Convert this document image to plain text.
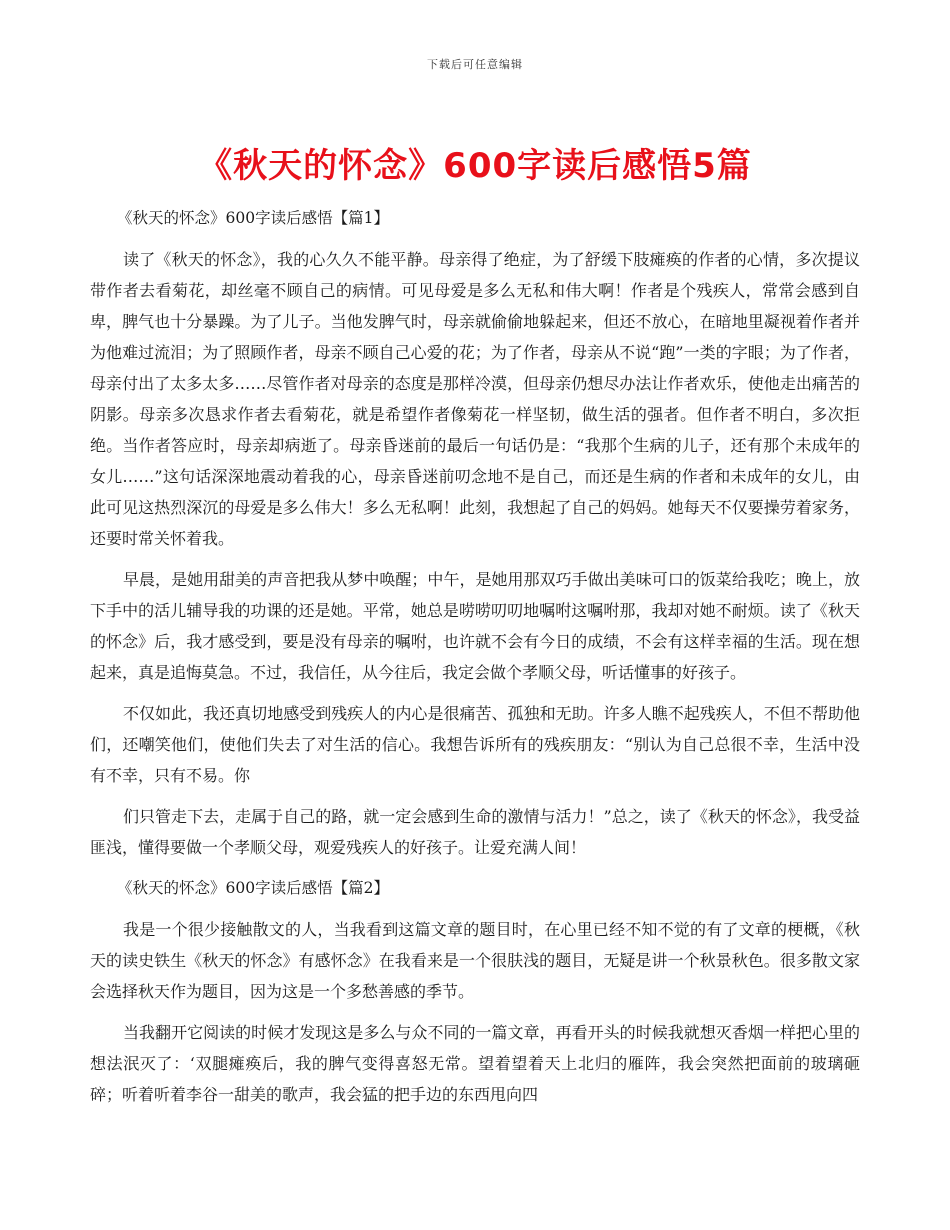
下载后可任意编辑
《秋天的怀念》600字读后感悟5篇

《秋天的怀念》600字读后感悟【篇1】

读了《秋天的怀念》，我的心久久不能平静。母亲得了绝症，为了舒缓下肢瘫痪的作者的心情，多次提议带作者去看菊花，却丝毫不顾自己的病情。可见母爱是多么无私和伟大啊！作者是个残疾人，常常会感到自卑，脾气也十分暴躁。为了儿子。当他发脾气时，母亲就偷偷地躲起来，但还不放心，在暗地里凝视着作者并为他难过流泪；为了照顾作者，母亲不顾自己心爱的花；为了作者，母亲从不说“跑”一类的字眼；为了作者，母亲付出了太多太多……尽管作者对母亲的态度是那样冷漠，但母亲仍想尽办法让作者欢乐，使他走出痛苦的阴影。母亲多次恳求作者去看菊花，就是希望作者像菊花一样坚韧，做生活的强者。但作者不明白，多次拒绝。当作者答应时，母亲却病逝了。母亲昏迷前的最后一句话仍是：“我那个生病的儿子，还有那个未成年的女儿……”这句话深深地震动着我的心，母亲昏迷前叨念地不是自己，而还是生病的作者和未成年的女儿，由此可见这热烈深沉的母爱是多么伟大！多么无私啊！此刻，我想起了自己的妈妈。她每天不仅要操劳着家务，还要时常关怀着我。

早晨，是她用甜美的声音把我从梦中唤醒；中午，是她用那双巧手做出美味可口的饭菜给我吃；晚上，放下手中的活儿辅导我的功课的还是她。平常，她总是唠唠叨叨地嘱咐这嘱咐那，我却对她不耐烦。读了《秋天的怀念》后，我才感受到，要是没有母亲的嘱咐，也许就不会有今日的成绩，不会有这样幸福的生活。现在想起来，真是追悔莫急。不过，我信任，从今往后，我定会做个孝顺父母，听话懂事的好孩子。

不仅如此，我还真切地感受到残疾人的内心是很痛苦、孤独和无助。许多人瞧不起残疾人，不但不帮助他们，还嘲笑他们，使他们失去了对生活的信心。我想告诉所有的残疾朋友：“别认为自己总很不幸，生活中没有不幸，只有不易。你

们只管走下去，走属于自己的路，就一定会感到生命的激情与活力！”总之，读了《秋天的怀念》，我受益匪浅，懂得要做一个孝顺父母，观爱残疾人的好孩子。让爱充满人间！

《秋天的怀念》600字读后感悟【篇2】

我是一个很少接触散文的人，当我看到这篇文章的题目时，在心里已经不知不觉的有了文章的梗概，《秋天的读史铁生《秋天的怀念》有感怀念》在我看来是一个很肤浅的题目，无疑是讲一个秋景秋色。很多散文家会选择秋天作为题目，因为这是一个多愁善感的季节。

当我翻开它阅读的时候才发现这是多么与众不同的一篇文章，再看开头的时候我就想灭香烟一样把心里的想法泯灭了：‘双腿瘫痪后，我的脾气变得喜怒无常。望着望着天上北归的雁阵，我会突然把面前的玻璃砸碎；听着听着李谷一甜美的歌声，我会猛的把手边的东西甩向四
